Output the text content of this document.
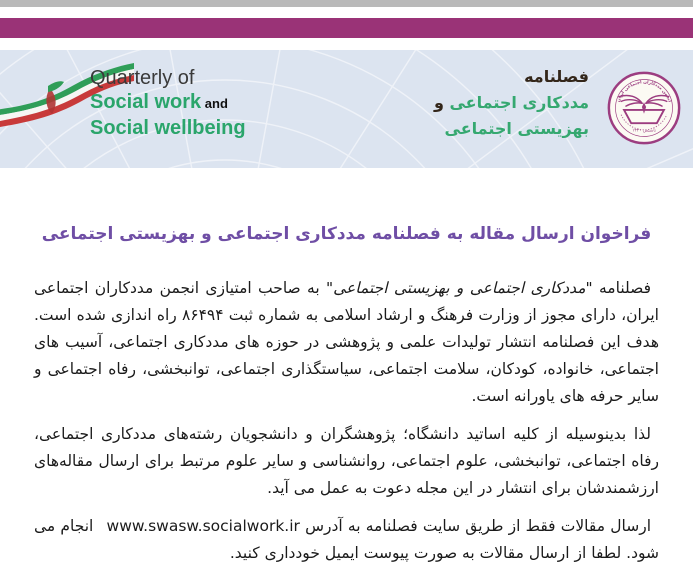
Quarterly of
Social work and
Social wellbeing
فصلنامه
مددکاری اجتماعی و
بهزیستی اجتماعی
انجمن مددکاران اجتماعی ایران
تاسیس ۱۳۴۰
فراخوان ارسال مقاله به فصلنامه مددکاری اجتماعی و بهزیستی اجتماعی

فصلنامه "مددکاری اجتماعی و بهزیستی اجتماعی" به صاحب امتیازی انجمن مددکاران اجتماعی ایران، دارای مجوز از وزارت فرهنگ و ارشاد اسلامی به شماره ثبت ۸۶۴۹۴ راه اندازی شده است. هدف این فصلنامه انتشار تولیدات علمی و پژوهشی در حوزه های مددکاری اجتماعی، آسیب های اجتماعی، خانواده، کودکان، سلامت اجتماعی، سیاستگذاری اجتماعی، توانبخشی، رفاه اجتماعی و سایر حرفه های یاورانه است.

لذا بدینوسیله از کلیه اساتید دانشگاه؛ پژوهشگران و دانشجویان رشته‌های مددکاری اجتماعی، رفاه اجتماعی، توانبخشی، علوم اجتماعی، روانشناسی و سایر علوم مرتبط برای ارسال مقاله‌های ارزشمندشان برای انتشار در این مجله دعوت به عمل می آید.

ارسال مقالات فقط از طریق سایت فصلنامه به آدرس www.swasw.socialwork.ir انجام می شود. لطفا از ارسال مقالات به صورت پیوست ایمیل خودداری کنید.
